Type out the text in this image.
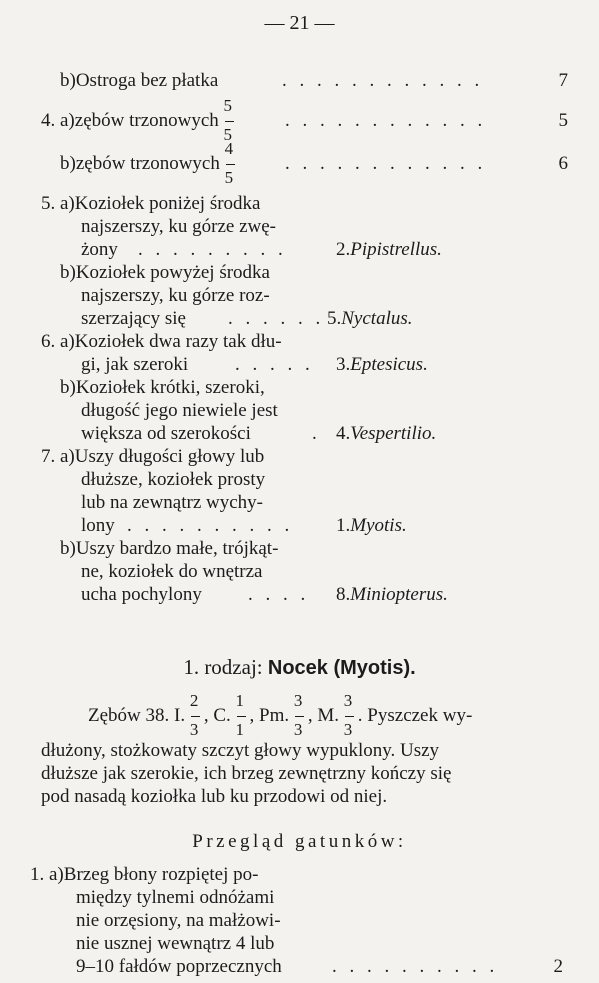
— 21 —
b)Ostroga bez płatka	. . . . . . . . . . . .	7
4. a)zębów trzonowych $\frac{5}{5}$	. . . . . . . . . . . .	5
b)zębów trzonowych $\frac{4}{5}$	. . . . . . . . . . . .	6
5. a)Koziołek poniżej środka
najszerszy, ku górze zwę-
żony . . . . . . . . .	2.Pipistrellus.
b)Koziołek powyżej środka
najszerszy, ku górze roz-
szerzający się . . . . . . 5.Nyctalus.
6. a)Koziołek dwa razy tak dłu-
gi, jak szeroki . . . . . 3.Eptesicus.
b)Koziołek krótki, szeroki,
długość jego niewiele jest
większa od szerokości	. 4.Vespertilio.
7. a)Uszy długości głowy lub
dłuższe, koziołek prosty
lub na zewnątrz wychy-
lony . . . . . . . . . . 1.Myotis.
b)Uszy bardzo małe, trójkąt-
ne, koziołek do wnętrza
ucha pochylony . . . . 8.Miniopterus.
1. rodzaj: Nocek (Myotis).
Zębów 38. I. $\frac{2}{3}$ , C. $\frac{1}{1}$ , Pm. $\frac{3}{3}$ , M. $\frac{3}{3}$ . Pyszczek wy-
dłużony, stożkowaty szczyt głowy wypuklony. Uszy
dłuższe jak szerokie, ich brzeg zewnętrzny kończy się
pod nasadą koziołka lub ku przodowi od niej.
Przegląd gatunków:
1. a)Brzeg błony rozpiętej po-
między tylnemi odnóżami
nie orzęsiony, na małżowi-
nie usznej wewnątrz 4 lub
9–10 fałdów poprzecznych	. . . . . . . . . .	2
